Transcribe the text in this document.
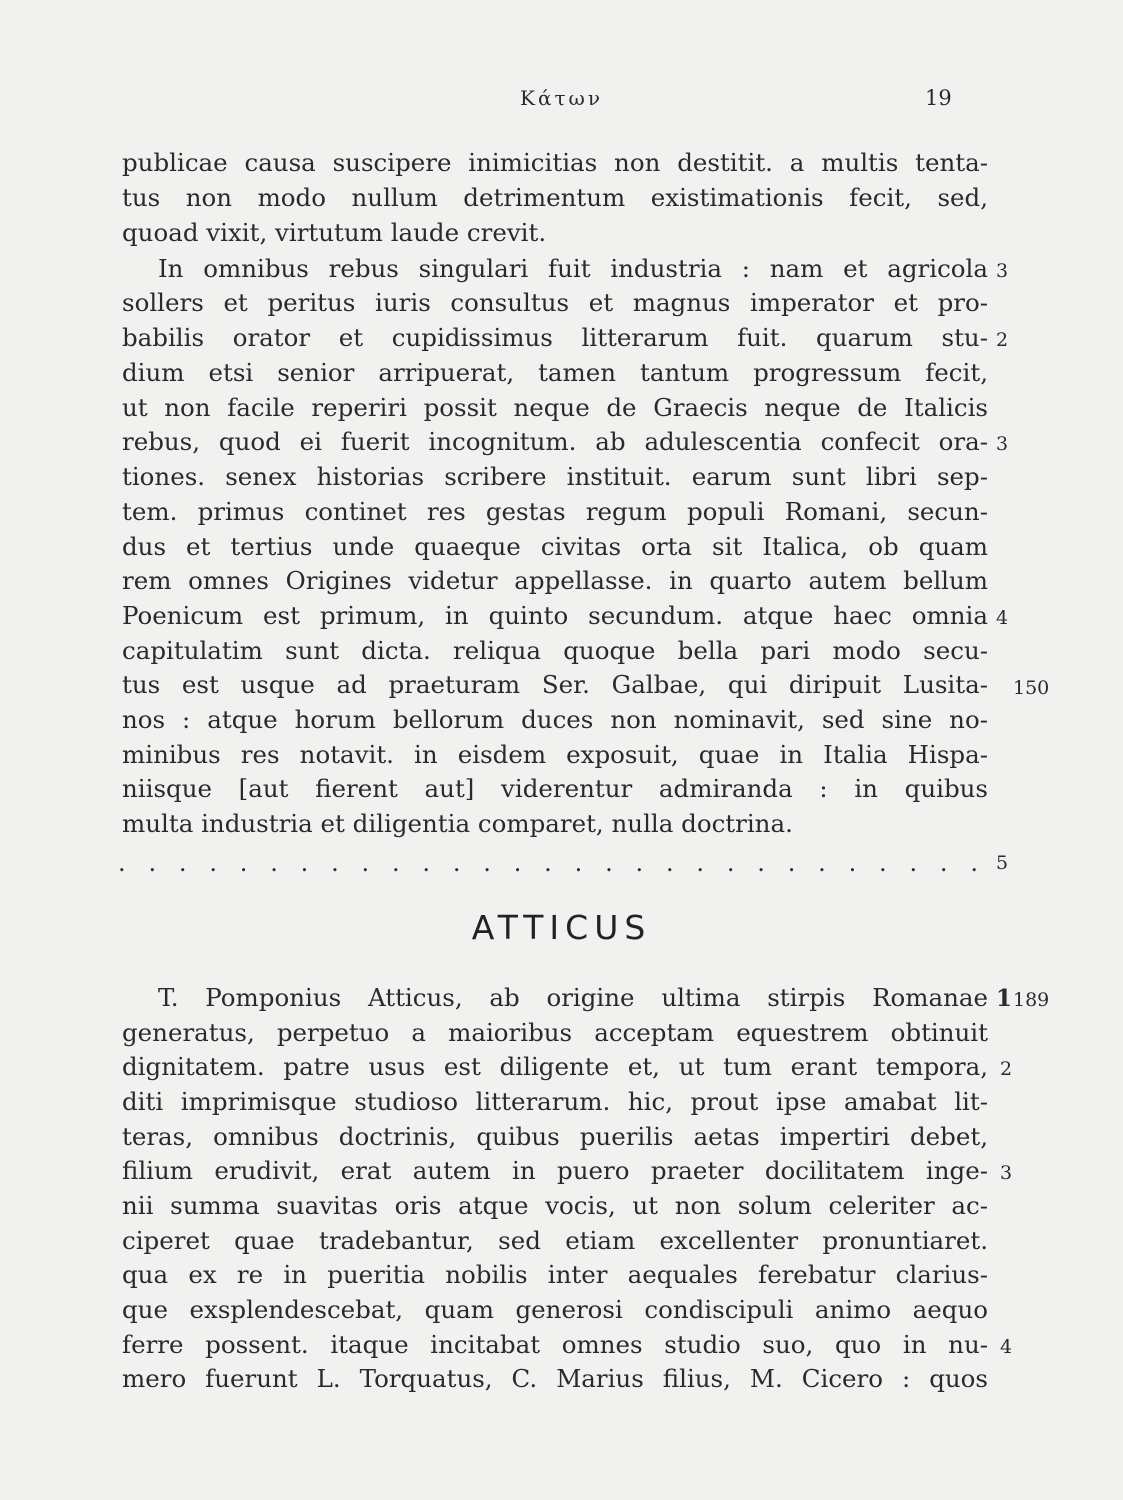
Κάτων	19
publicae causa suscipere inimicitias non destitit. a multis tenta-
tus non modo nullum detrimentum existimationis fecit, sed,
quoad vixit, virtutum laude crevit.
In omnibus rebus singulari fuit industria : nam et agricola
sollers et peritus iuris consultus et magnus imperator et pro-
babilis orator et cupidissimus litterarum fuit. quarum stu-
dium etsi senior arripuerat, tamen tantum progressum fecit,
ut non facile reperiri possit neque de Graecis neque de Italicis
rebus, quod ei fuerit incognitum. ab adulescentia confecit ora-
tiones. senex historias scribere instituit. earum sunt libri sep-
tem. primus continet res gestas regum populi Romani, secun-
dus et tertius unde quaeque civitas orta sit Italica, ob quam
rem omnes Origines videtur appellasse. in quarto autem bellum
Poenicum est primum, in quinto secundum. atque haec omnia
capitulatim sunt dicta. reliqua quoque bella pari modo secu-
tus est usque ad praeturam Ser. Galbae, qui diripuit Lusita-
nos : atque horum bellorum duces non nominavit, sed sine no-
minibus res notavit. in eisdem exposuit, quae in Italia Hispa-
niisque [aut fierent aut] viderentur admiranda : in quibus
multa industria et diligentia comparet, nulla doctrina.
3
2
3
4
150
. . . . . . . . . . . . . . . . . . . . . . . . . . . . . 5
ATTICUS
T. Pomponius Atticus, ab origine ultima stirpis Romanae
generatus, perpetuo a maioribus acceptam equestrem obtinuit
dignitatem. patre usus est diligente et, ut tum erant tempora,
diti imprimisque studioso litterarum. hic, prout ipse amabat lit-
teras, omnibus doctrinis, quibus puerilis aetas impertiri debet,
filium erudivit, erat autem in puero praeter docilitatem inge-
nii summa suavitas oris atque vocis, ut non solum celeriter ac-
ciperet quae tradebantur, sed etiam excellenter pronuntiaret.
qua ex re in pueritia nobilis inter aequales ferebatur clarius-
que exsplendescebat, quam generosi condiscipuli animo aequo
ferre possent. itaque incitabat omnes studio suo, quo in nu-
mero fuerunt L. Torquatus, C. Marius filius, M. Cicero : quos
1 189
2
3
4
